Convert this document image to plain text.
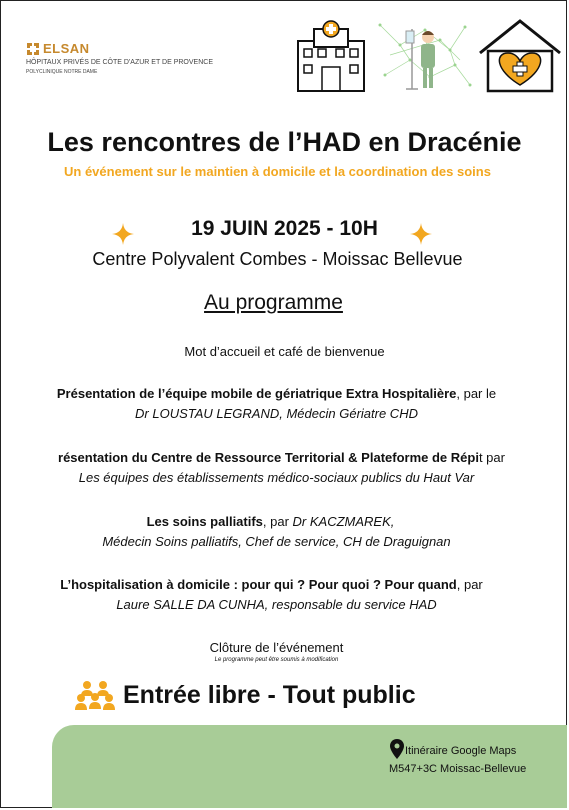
ELSAN
HÔPITAUX PRIVÉS DE CÔTE D'AZUR ET DE PROVENCE
POLYCLINIQUE NOTRE DAME
Les rencontres de l’HAD en Dracénie
Un événement sur le maintien à domicile et la coordination des soins
19 JUIN 2025 - 10H
Centre Polyvalent Combes - Moissac Bellevue
Au programme
Mot d’accueil et café de bienvenue
Présentation de l’équipe mobile de gériatrique Extra Hospitalière, par le
Dr LOUSTAU LEGRAND, Médecin Gériatre CHD
résentation du Centre de Ressource Territorial & Plateforme de Répit par
Les équipes des établissements médico-sociaux publics du Haut Var
Les soins palliatifs, par Dr KACZMAREK,
Médecin Soins palliatifs, Chef de service, CH de Draguignan
L’hospitalisation à domicile : pour qui ? Pour quoi ? Pour quand, par
Laure SALLE DA CUNHA, responsable du service HAD
Clôture de l’événement
Le programme peut être soumis à modification
Entrée libre - Tout public
Itinéraire Google Maps
M547+3C Moissac-Bellevue
